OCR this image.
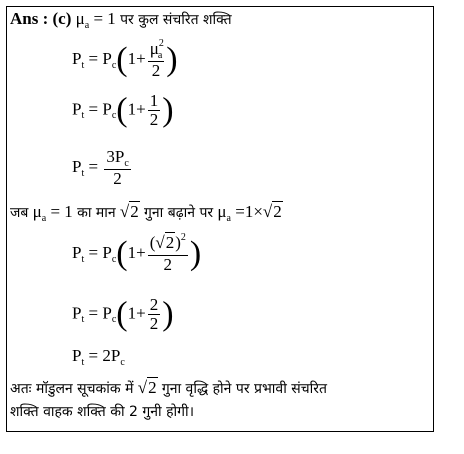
Ans : (c) $\mu_a = 1$ पर कुल संचरित शक्ति
$P_t = P_c(1+ \frac{\mu^2_a}{2}$ )
$P_t = P_c(1+ \frac{1}{2}$ )
$P_t = \frac{3P_c}{2}$
जब $\mu_a = 1$ का मान √2 गुना बढ़ाने पर $\mu_a =1\times√2$
$P_t = P_c(1+ \frac{(√2)^2}{2}$ )
$P_t = P_c(1+ \frac{2}{2}$ )
$P_t = 2P_c$
अतः मॉडुलन सूचकांक में √2 गुना वृद्धि होने पर प्रभावी संचरित
शक्ति वाहक शक्ति की 2 गुनी होगी।
